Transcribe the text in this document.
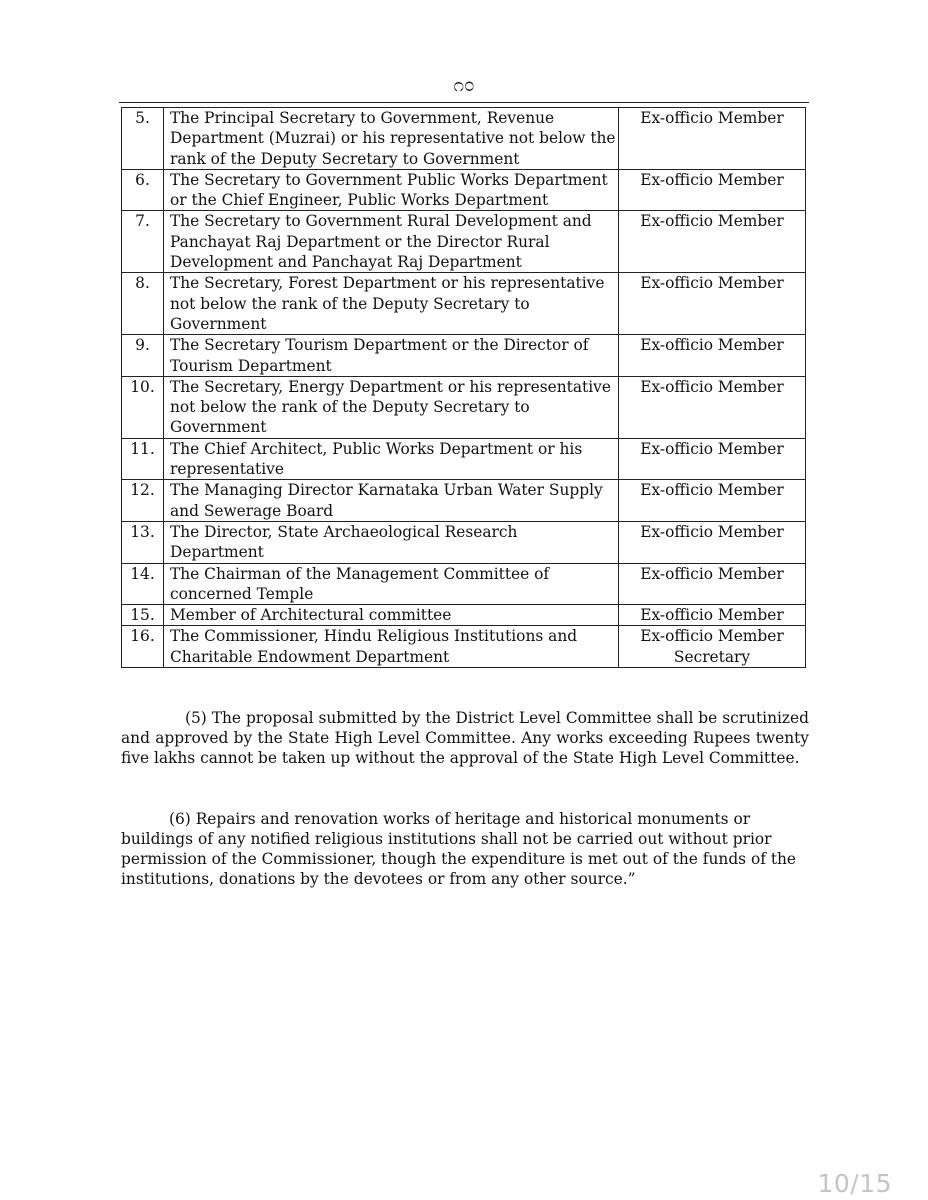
೧೦
5.	The Principal Secretary to Government, Revenue Department (Muzrai) or his representative not below the rank of the Deputy Secretary to Government	Ex-officio Member
6.	The Secretary to Government Public Works Department or the Chief Engineer, Public Works Department	Ex-officio Member
7.	The Secretary to Government Rural Development and Panchayat Raj Department or the Director Rural Development and Panchayat Raj Department	Ex-officio Member
8.	The Secretary, Forest Department or his representative not below the rank of the Deputy Secretary to Government	Ex-officio Member
9.	The Secretary Tourism Department or the Director of Tourism Department	Ex-officio Member
10.	The Secretary, Energy Department or his representative not below the rank of the Deputy Secretary to Government	Ex-officio Member
11.	The Chief Architect, Public Works Department or his representative	Ex-officio Member
12.	The Managing Director Karnataka Urban Water Supply and Sewerage Board	Ex-officio Member
13.	The Director, State Archaeological Research Department	Ex-officio Member
14.	The Chairman of the Management Committee of concerned Temple	Ex-officio Member
15.	Member of Architectural committee	Ex-officio Member
16.	The Commissioner, Hindu Religious Institutions and Charitable Endowment Department	Ex-officio Member Secretary
(5) The proposal submitted by the District Level Committee shall be scrutinized and approved by the State High Level Committee. Any works exceeding Rupees twenty five lakhs cannot be taken up without the approval of the State High Level Committee.
(6) Repairs and renovation works of heritage and historical monuments or buildings of any notified religious institutions shall not be carried out without prior permission of the Commissioner, though the expenditure is met out of the funds of the institutions, donations by the devotees or from any other source.”
10/15
